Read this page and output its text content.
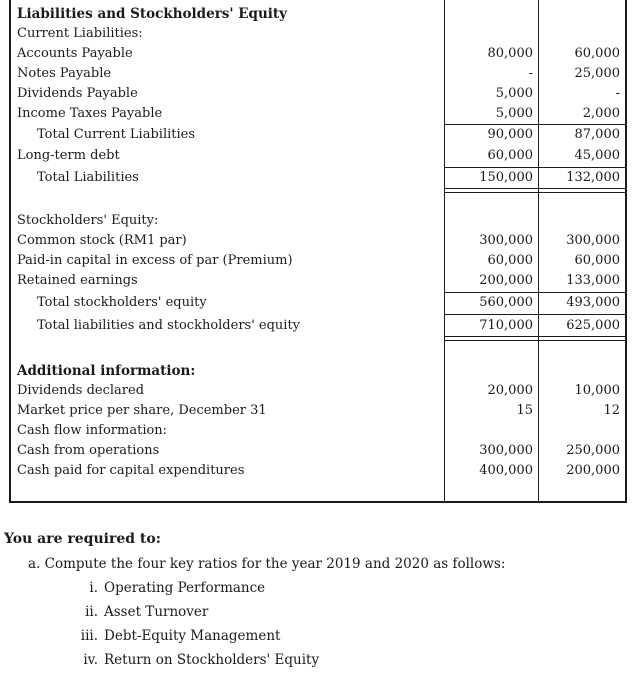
Liabilities and Stockholders' Equity
Current Liabilities:
Accounts Payable	80,000	60,000
Notes Payable	-	25,000
Dividends Payable	5,000	-
Income Taxes Payable	5,000	2,000
Total Current Liabilities	90,000	87,000
Long-term debt	60,000	45,000
Total Liabilities	150,000	132,000
Stockholders' Equity:
Common stock (RM1 par)	300,000	300,000
Paid-in capital in excess of par (Premium)	60,000	60,000
Retained earnings	200,000	133,000
Total stockholders' equity	560,000	493,000
Total liabilities and stockholders' equity	710,000	625,000
Additional information:
Dividends declared	20,000	10,000
Market price per share, December 31	15	12
Cash flow information:
Cash from operations	300,000	250,000
Cash paid for capital expenditures	400,000	200,000
You are required to:
a. Compute the four key ratios for the year 2019 and 2020 as follows:
i. Operating Performance
ii. Asset Turnover
iii. Debt-Equity Management
iv. Return on Stockholders' Equity
